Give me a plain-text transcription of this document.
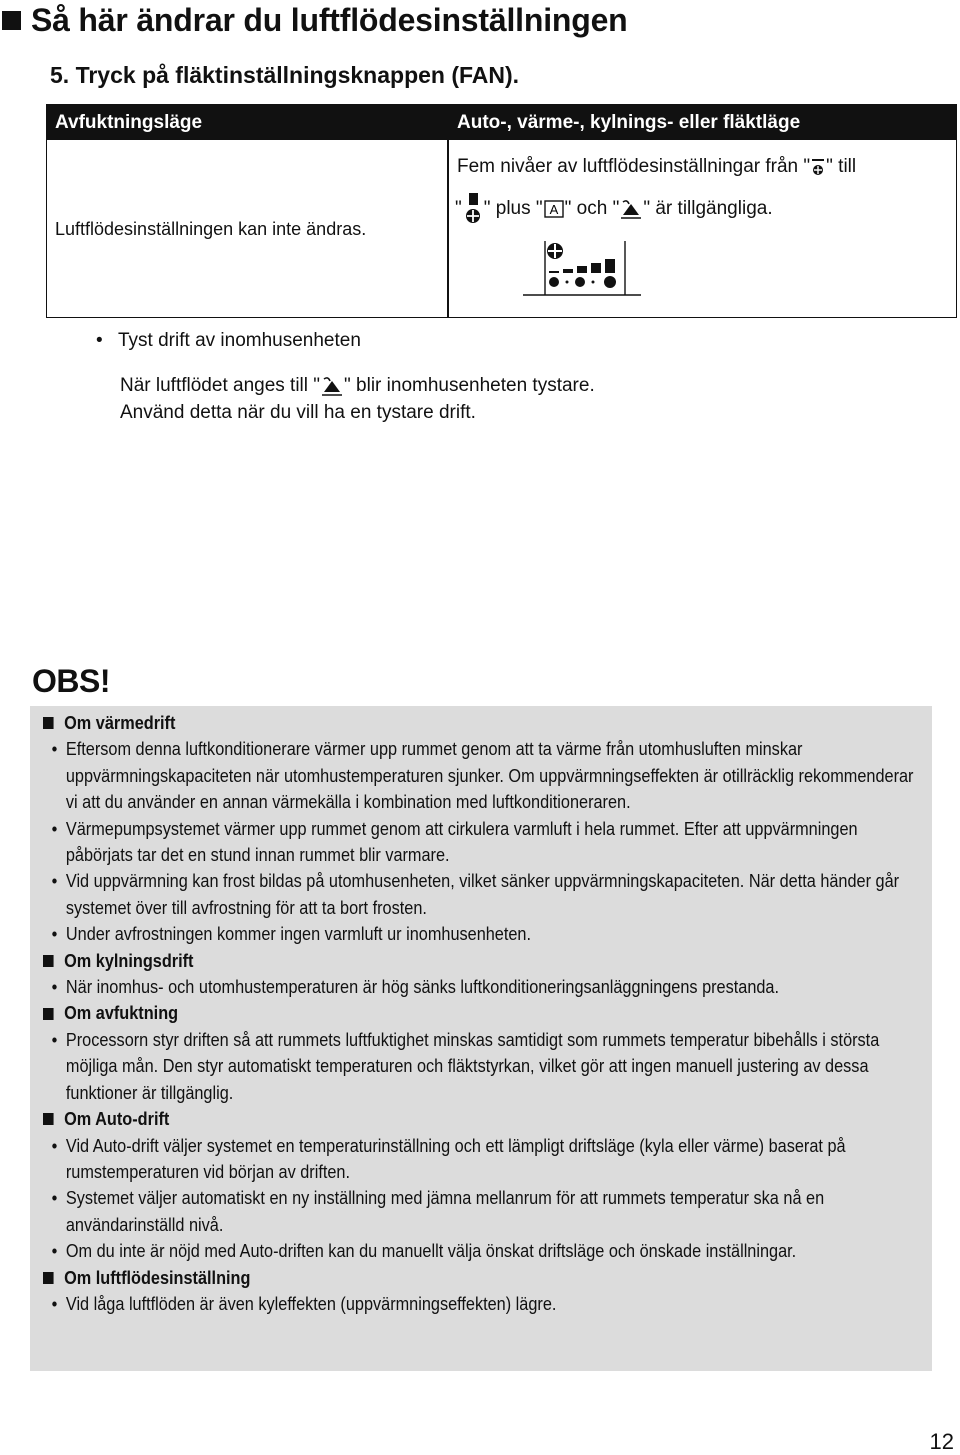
Så här ändrar du luftflödesinställningen
5. Tryck på fläktinställningsknappen (FAN).
Avfuktningsläge	Auto-, värme-, kylnings- eller fläktläge
Luftflödesinställningen kan inte ändras.
Fem nivåer av luftflödesinställningar från " " till
" " plus " A " och " " är tillgängliga.
• Tyst drift av inomhusenheten
När luftflödet anges till " " blir inomhusenheten tystare.
Använd detta när du vill ha en tystare drift.
OBS!
Om värmedrift
• Eftersom denna luftkonditionerare värmer upp rummet genom att ta värme från utomhusluften minskar uppvärmningskapaciteten när utomhustemperaturen sjunker. Om uppvärmningseffekten är otillräcklig rekommenderar vi att du använder en annan värmekälla i kombination med luftkonditioneraren.
• Värmepumpsystemet värmer upp rummet genom att cirkulera varmluft i hela rummet. Efter att uppvärmningen påbörjats tar det en stund innan rummet blir varmare.
• Vid uppvärmning kan frost bildas på utomhusenheten, vilket sänker uppvärmningskapaciteten. När detta händer går systemet över till avfrostning för att ta bort frosten.
• Under avfrostningen kommer ingen varmluft ur inomhusenheten.
Om kylningsdrift
• När inomhus- och utomhustemperaturen är hög sänks luftkonditioneringsanläggningens prestanda.
Om avfuktning
• Processorn styr driften så att rummets luftfuktighet minskas samtidigt som rummets temperatur bibehålls i största möjliga mån. Den styr automatiskt temperaturen och fläktstyrkan, vilket gör att ingen manuell justering av dessa funktioner är tillgänglig.
Om Auto-drift
• Vid Auto-drift väljer systemet en temperaturinställning och ett lämpligt driftsläge (kyla eller värme) baserat på rumstemperaturen vid början av driften.
• Systemet väljer automatiskt en ny inställning med jämna mellanrum för att rummets temperatur ska nå en användarinställd nivå.
• Om du inte är nöjd med Auto-driften kan du manuellt välja önskat driftsläge och önskade inställningar.
Om luftflödesinställning
• Vid låga luftflöden är även kyleffekten (uppvärmningseffekten) lägre.
12
